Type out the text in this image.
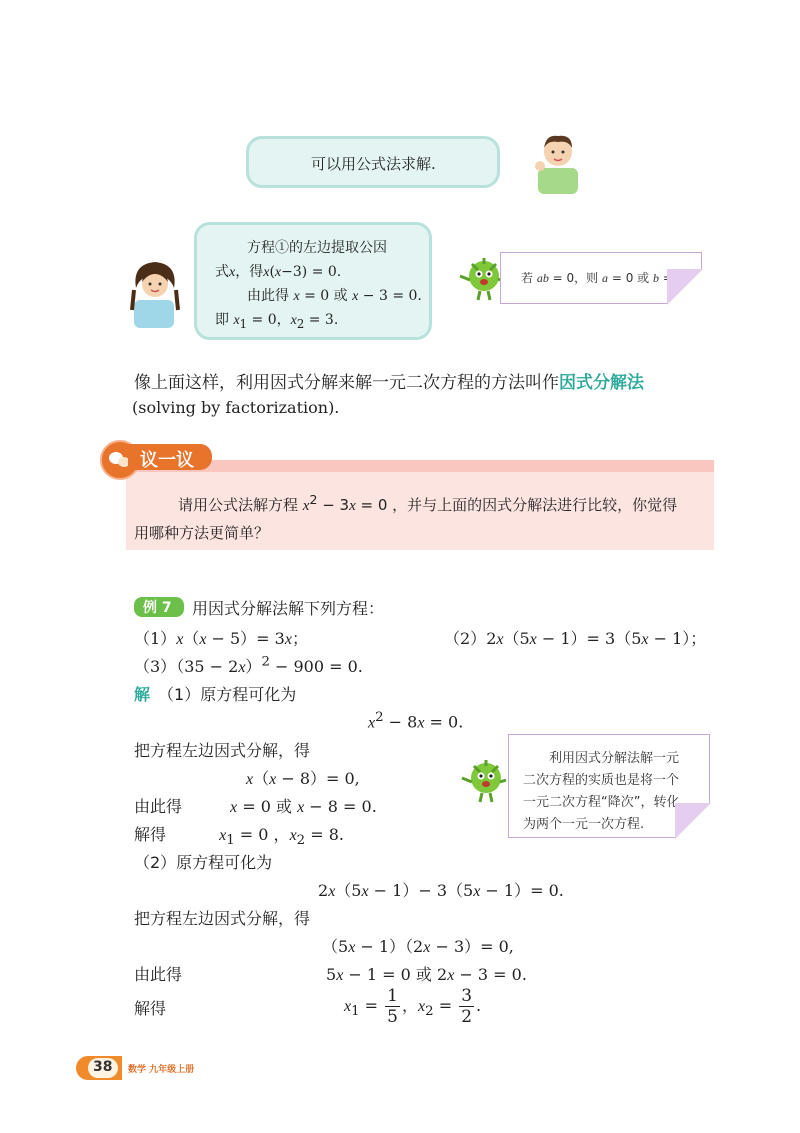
可以用公式法求解.
方程①的左边提取公因
式x，得x(x−3) = 0.
由此得 x = 0 或 x − 3 = 0.
即 $x_1 = 0$，$x_2 = 3$.
若 ab = 0，则 a = 0 或 b = 0.
像上面这样，利用因式分解来解一元二次方程的方法叫作因式分解法
(solving by factorization).
议一议
请用公式法解方程 $x^2 - 3x = 0$ ，并与上面的因式分解法进行比较，你觉得
用哪种方法更简单？
例 7 用因式分解法解下列方程：
（1）x（x − 5）= 3x；	（2）2x（5x − 1）= 3（5x − 1）；
$(3)(35 - 2x)^2 - 900 = 0$.
解　 （1）原方程可化为
$x^2 - 8x = 0$.
把方程左边因式分解，得
x（x − 8）= 0,
由此得　　　	x = 0 或 x − 8 = 0.
解得　　　	$x_1 = 0$ ，$x_2 = 8$.
（2）原方程可化为
2x（5x − 1）− 3（5x − 1）= 0.
把方程左边因式分解，得
（5x − 1）（2x − 3）= 0,
由此得	5x − 1 = 0 或 2x − 3 = 0.
解得	$x_1 = \frac{1}{5}$ ，$x_2 = \frac{3}{2}$ .
利用因式分解法解一元
二次方程的实质也是将一个
一元二次方程“降次”，转化
为两个一元一次方程.
38 数学 九年级上册
